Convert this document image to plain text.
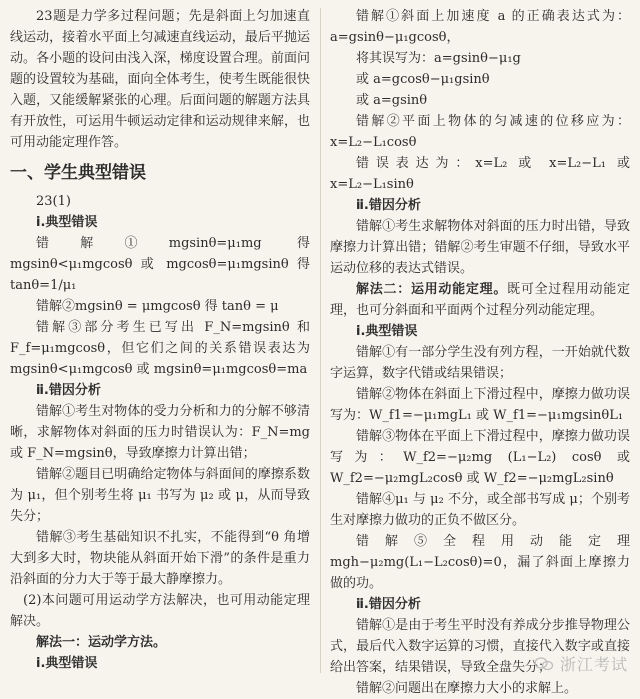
23题是力学多过程问题；先是斜面上匀加速直线运动，接着水平面上匀减速直线运动，最后平抛运动。各小题的设问由浅入深，梯度设置合理。前面问题的设置较为基础，面向全体考生，使考生既能很快入题，又能缓解紧张的心理。后面问题的解题方法具有开放性，可运用牛顿运动定律和运动规律来解，也可用动能定理作答。

一、学生典型错误

23(1)

ⅰ.典型错误

错解①mgsinθ=μ₁mg 得 mgsinθ<μ₁mgcosθ 或 mgcosθ=μ₁mgsinθ 得 tanθ=1/μ₁

错解②mgsinθ = μmgcosθ 得 tanθ = μ

错解③部分考生已写出 F_N=mgsinθ 和 F_f=μ₁mgcosθ，但它们之间的关系错误表达为 mgsinθ<μ₁mgcosθ 或 mgsinθ=μ₁mgcosθ=ma

ⅱ.错因分析

错解①考生对物体的受力分析和力的分解不够清晰，求解物体对斜面的压力时错误认为：F_N=mg 或 F_N=mgsinθ，导致摩擦力计算出错；

错解②题目已明确给定物体与斜面间的摩擦系数为 μ₁，但个别考生将 μ₁ 书写为 μ₂ 或 μ，从而导致失分；

错解③考生基础知识不扎实，不能得到“θ 角增大到多大时，物块能从斜面开始下滑”的条件是重力沿斜面的分力大于等于最大静摩擦力。

(2)本问题可用运动学方法解决，也可用动能定理解决。

解法一：运动学方法。

ⅰ.典型错误

错解①斜面上加速度 a 的正确表达式为：a=gsinθ−μ₁gcosθ，

将其误写为：a=gsinθ−μ₁g

或 a=gcosθ−μ₁gsinθ

或 a=gsinθ

错解②平面上物体的匀减速的位移应为：x=L₂−L₁cosθ

错误表达为：x=L₂ 或 x=L₂−L₁ 或 x=L₂−L₁sinθ

ⅱ.错因分析

错解①考生求解物体对斜面的压力时出错，导致摩擦力计算出错；错解②考生审题不仔细，导致水平运动位移的表达式错误。

解法二：运用动能定理。既可全过程用动能定理，也可分斜面和平面两个过程分列动能定理。

ⅰ.典型错误

错解①有一部分学生没有列方程，一开始就代数字运算，数字代错或结果错误；

错解②物体在斜面上下滑过程中，摩擦力做功误写为：W_f1=−μ₁mgL₁ 或 W_f1=−μ₁mgsinθL₁

错解③物体在平面上下滑过程中，摩擦力做功误写为：W_f2=−μ₂mg (L₁−L₂) cosθ 或 W_f2=−μ₂mgL₂cosθ 或 W_f2=−μ₂mgL₂sinθ

错解④μ₁ 与 μ₂ 不分，或全部书写成 μ；个别考生对摩擦力做功的正负不做区分。

错解⑤全程用动能定理 mgh−μ₂mg(L₁−L₂cosθ)=0，漏了斜面上摩擦力做的功。

ⅱ.错因分析

错解①是由于考生平时没有养成分步推导物理公式，最后代入数字运算的习惯，直接代入数字或直接给出答案，结果错误，导致全盘失分；

错解②问题出在摩擦力大小的求解上。

浙江考试
